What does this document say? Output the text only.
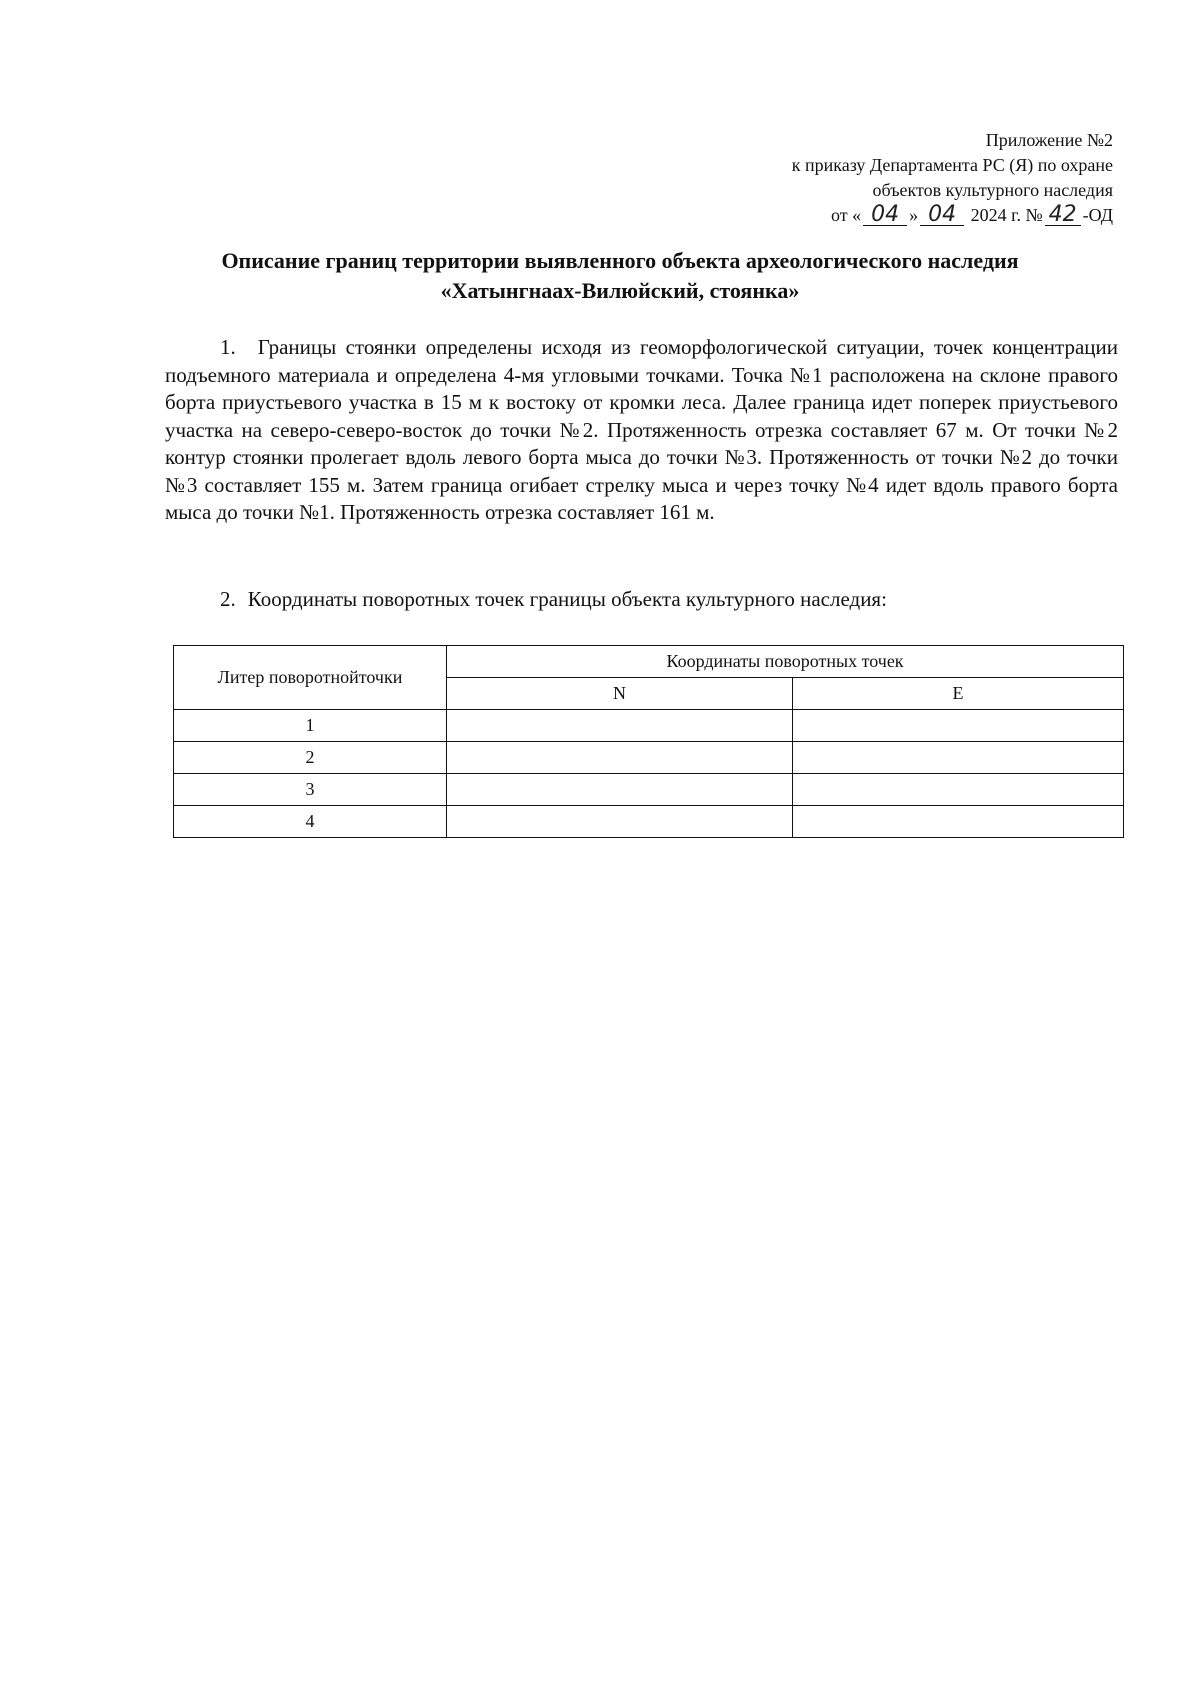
Приложение №2
к приказу Департамента РС (Я) по охране
объектов культурного наследия
от « 04 » 04 2024 г. № 42 -ОД
Описание границ территории выявленного объекта археологического наследия
«Хатынгнаах-Вилюйский, стоянка»
1. Границы стоянки определены исходя из геоморфологической ситуации, точек концентрации подъемного материала и определена 4-мя угловыми точками. Точка №1 расположена на склоне правого борта приустьевого участка в 15 м к востоку от кромки леса. Далее граница идет поперек приустьевого участка на северо-северо-восток до точки №2. Протяженность отрезка составляет 67 м. От точки №2 контур стоянки пролегает вдоль левого борта мыса до точки №3. Протяженность от точки №2 до точки №3 составляет 155 м. Затем граница огибает стрелку мыса и через точку №4 идет вдоль правого борта мыса до точки №1. Протяженность отрезка составляет 161 м.
2. Координаты поворотных точек границы объекта культурного наследия:
Литер поворотнойточки	Координаты поворотных точек	
	N	E
1		
2		
3		
4		
